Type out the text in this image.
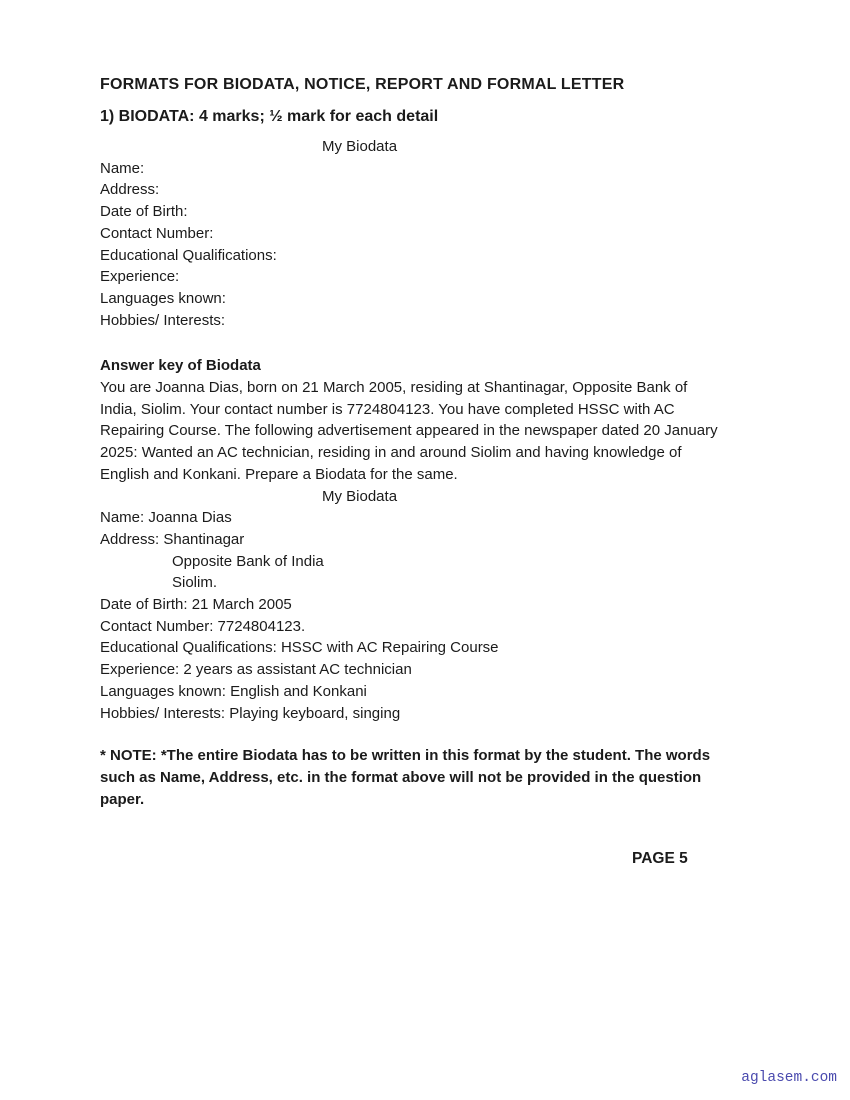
FORMATS FOR BIODATA, NOTICE, REPORT AND FORMAL LETTER
1) BIODATA: 4 marks; ½ mark for each detail
My Biodata
Name:
Address:
Date of Birth:
Contact Number:
Educational Qualifications:
Experience:
Languages known:
Hobbies/ Interests:
Answer key of Biodata
You are Joanna Dias, born on 21 March 2005, residing at Shantinagar, Opposite Bank of
India, Siolim. Your contact number is 7724804123. You have completed HSSC with AC
Repairing Course. The following advertisement appeared in the newspaper dated 20 January
2025: Wanted an AC technician, residing in and around Siolim and having knowledge of
English and Konkani. Prepare a Biodata for the same.
My Biodata
Name: Joanna Dias
Address: Shantinagar
Opposite Bank of India
Siolim.
Date of Birth: 21 March 2005
Contact Number: 7724804123.
Educational Qualifications: HSSC with AC Repairing Course
Experience: 2 years as assistant AC technician
Languages known: English and Konkani
Hobbies/ Interests: Playing keyboard, singing
* NOTE: *The entire Biodata has to be written in this format by the student. The words
such as Name, Address, etc. in the format above will not be provided in the question
paper.
PAGE 5
aglasem.com
